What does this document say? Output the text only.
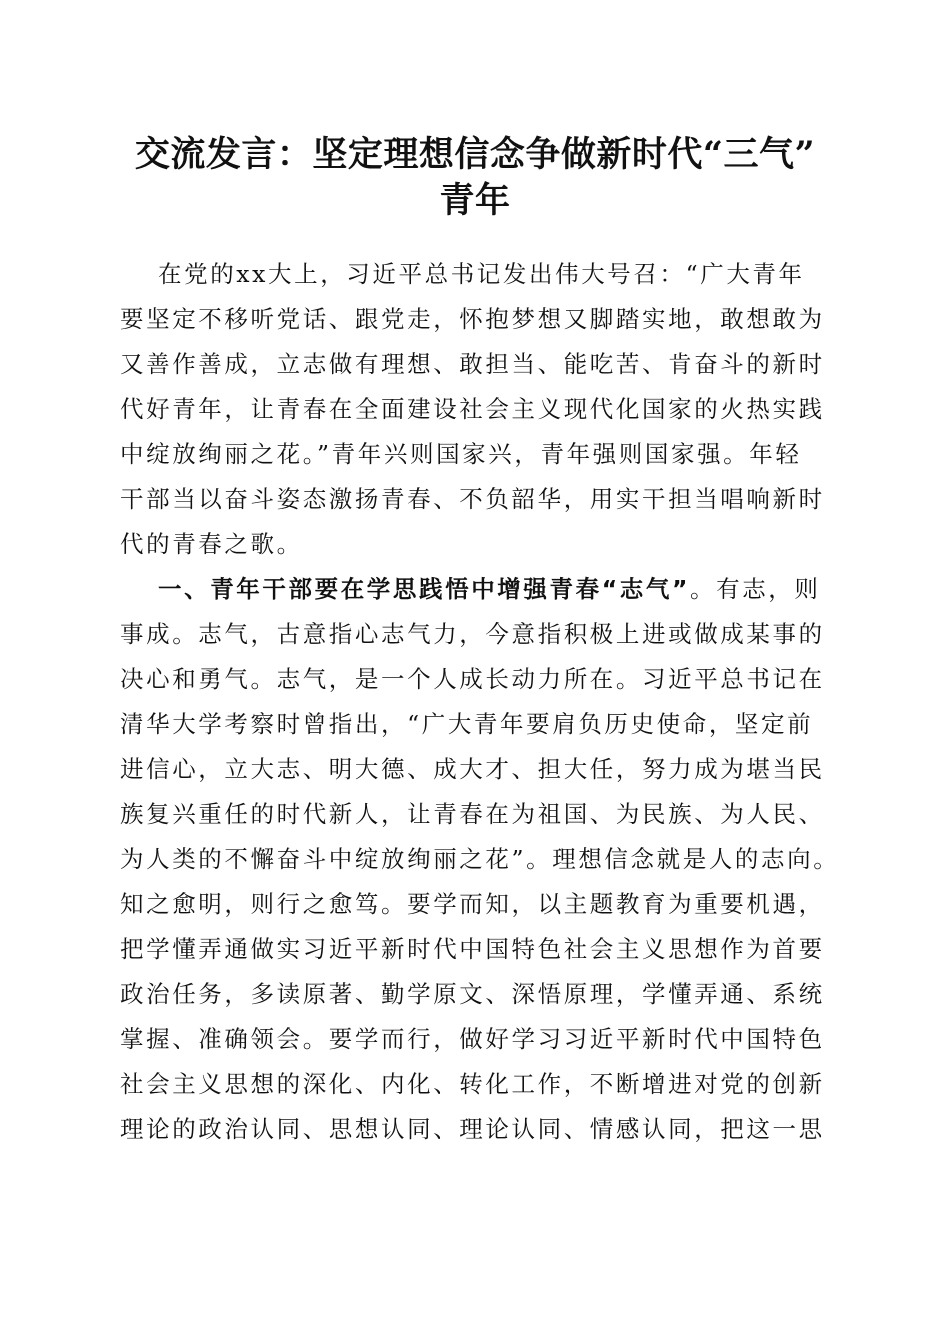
交流发言：坚定理想信念争做新时代“三气”
青年
在党的xx大上，习近平总书记发出伟大号召：“广大青年
要坚定不移听党话、跟党走，怀抱梦想又脚踏实地，敢想敢为
又善作善成，立志做有理想、敢担当、能吃苦、肯奋斗的新时
代好青年，让青春在全面建设社会主义现代化国家的火热实践
中绽放绚丽之花。”青年兴则国家兴，青年强则国家强。年轻
干部当以奋斗姿态激扬青春、不负韶华，用实干担当唱响新时
代的青春之歌。
一、青年干部要在学思践悟中增强青春“志气”。有志，则
事成。志气，古意指心志气力，今意指积极上进或做成某事的
决心和勇气。志气，是一个人成长动力所在。习近平总书记在
清华大学考察时曾指出，“广大青年要肩负历史使命，坚定前
进信心，立大志、明大德、成大才、担大任，努力成为堪当民
族复兴重任的时代新人，让青春在为祖国、为民族、为人民、
为人类的不懈奋斗中绽放绚丽之花”。理想信念就是人的志向。
知之愈明，则行之愈笃。要学而知，以主题教育为重要机遇，
把学懂弄通做实习近平新时代中国特色社会主义思想作为首要
政治任务，多读原著、勤学原文、深悟原理，学懂弄通、系统
掌握、准确领会。要学而行，做好学习习近平新时代中国特色
社会主义思想的深化、内化、转化工作，不断增进对党的创新
理论的政治认同、思想认同、理论认同、情感认同，把这一思
